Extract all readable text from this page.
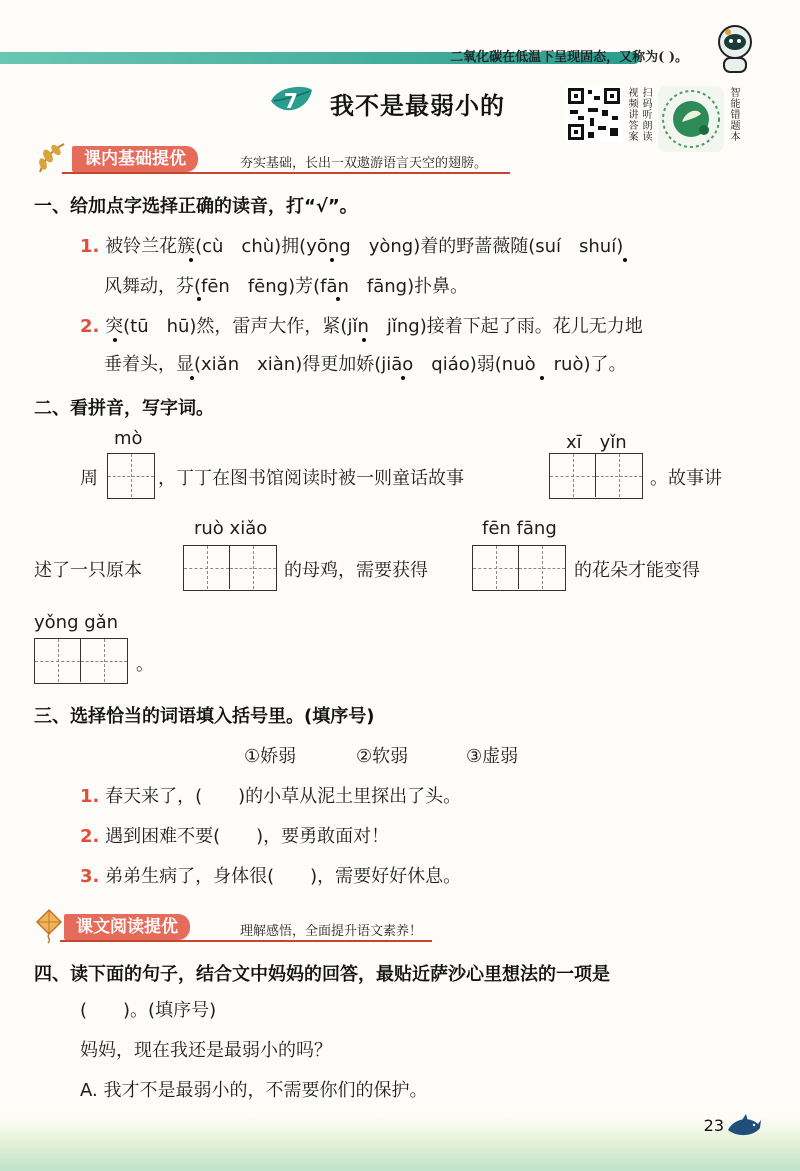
二氧化碳在低温下呈现固态，又称为( )。
7	我不是最弱小的	视频讲答案
扫码听朗读
智能错题本
课内基础提优	夯实基础，长出一双遨游语言天空的翅膀。
一、给加点字选择正确的读音，打“√”。
1. 被铃兰花簇(cù　chù)拥(yōng　yòng)着的野蔷薇随(suí　shuí)
风舞动，芬(fēn　fēng)芳(fān　fāng)扑鼻。
2. 突(tū　hū)然，雷声大作，紧(jǐn　jǐng)接着下起了雨。花儿无力地
垂着头，显(xiǎn　xiàn)得更加娇(jiāo　qiáo)弱(nuò　ruò)了。
二、看拼音，写字词。
mò	xī　yǐn
周	，丁丁在图书馆阅读时被一则童话故事	。故事讲
ruò xiǎo	fēn fāng
述了一只原本	的母鸡，需要获得	的花朵才能变得
yǒng gǎn
。
三、选择恰当的词语填入括号里。(填序号)
①娇弱	②软弱	③虚弱
1. 春天来了，(　　)的小草从泥土里探出了头。
2. 遇到困难不要(　　)，要勇敢面对！
3. 弟弟生病了，身体很(　　)，需要好好休息。
课文阅读提优	理解感悟，全面提升语文素养！
四、读下面的句子，结合文中妈妈的回答，最贴近萨沙心里想法的一项是
(　　)。(填序号)
妈妈，现在我还是最弱小的吗？
A. 我才不是最弱小的，不需要你们的保护。
23
